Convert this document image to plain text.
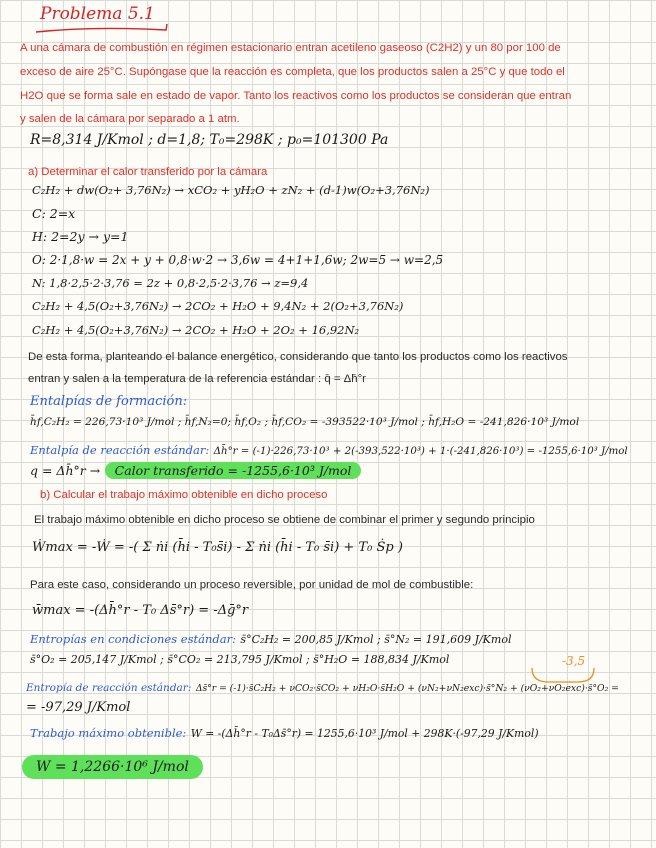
Problema 5.1
A una cámara de combustión en régimen estacionario entran acetileno gaseoso (C2H2) y un 80 por 100 de
exceso de aire 25°C. Supóngase que la reacción es completa, que los productos salen a 25°C y que todo el
H2O que se forma sale en estado de vapor. Tanto los reactivos como los productos se consideran que entran
y salen de la cámara por separado a 1 atm.
R=8,314 J/Kmol ; d=1,8; T₀=298K ; p₀=101300 Pa
a) Determinar el calor transferido por la cámara
C₂H₂ + dw(O₂+ 3,76N₂) → xCO₂ + yH₂O + zN₂ + (d-1)w(O₂+3,76N₂)
C: 2=x
H: 2=2y → y=1
O: 2·1,8·w = 2x + y + 0,8·w·2 → 3,6w = 4+1+1,6w; 2w=5 → w=2,5
N: 1,8·2,5·2·3,76 = 2z + 0,8·2,5·2·3,76 → z=9,4
C₂H₂ + 4,5(O₂+3,76N₂) → 2CO₂ + H₂O + 9,4N₂ + 2(O₂+3,76N₂)
C₂H₂ + 4,5(O₂+3,76N₂) → 2CO₂ + H₂O + 2O₂ + 16,92N₂
De esta forma, planteando el balance energético, considerando que tanto los productos como los reactivos
entran y salen a la temperatura de la referencia estándar : q̄ = Δh̄°r
Entalpías de formación:
h̄f,C₂H₂ = 226,73·10³ J/mol ; h̄f,N₂=0; h̄f,O₂ ; h̄f,CO₂ = -393522·10³ J/mol ; h̄f,H₂O = -241,826·10³ J/mol
Entalpía de reacción estándar: Δh̄°r = (-1)·226,73·10³ + 2(-393,522·10³) + 1·(-241,826·10³) = -1255,6·10³ J/mol
q = Δh̄°r → Calor transferido = -1255,6·10³ J/mol
b) Calcular el trabajo máximo obtenible en dicho proceso
El trabajo máximo obtenible en dicho proceso se obtiene de combinar el primer y segundo principio
Ẇmax = -Ẇ = -( Σ ṅi (h̄i - T₀s̄i) - Σ ṅi (h̄i - T₀ s̄i) + T₀ Ṡp )
Para este caso, considerando un proceso reversible, por unidad de mol de combustible:
w̄max = -(Δh̄°r - T₀ Δs̄°r) = -Δḡ°r
Entropías en condiciones estándar: s̄°C₂H₂ = 200,85 J/Kmol ; s̄°N₂ = 191,609 J/Kmol
s̄°O₂ = 205,147 J/Kmol ; s̄°CO₂ = 213,795 J/Kmol ; s̄°H₂O = 188,834 J/Kmol	-3,5
Entropía de reacción estándar: Δs̄°r = (-1)·s̄C₂H₂ + νCO₂·s̄CO₂ + νH₂O·s̄H₂O + (νN₂+νN₂exc)·s̄°N₂ + (νO₂+νO₂exc)·s̄°O₂ =
= -97,29 J/Kmol
Trabajo máximo obtenible: W = -(Δh̄°r - T₀Δs̄°r) = 1255,6·10³ J/mol + 298K·(-97,29 J/Kmol)
W = 1,2266·10⁶ J/mol
